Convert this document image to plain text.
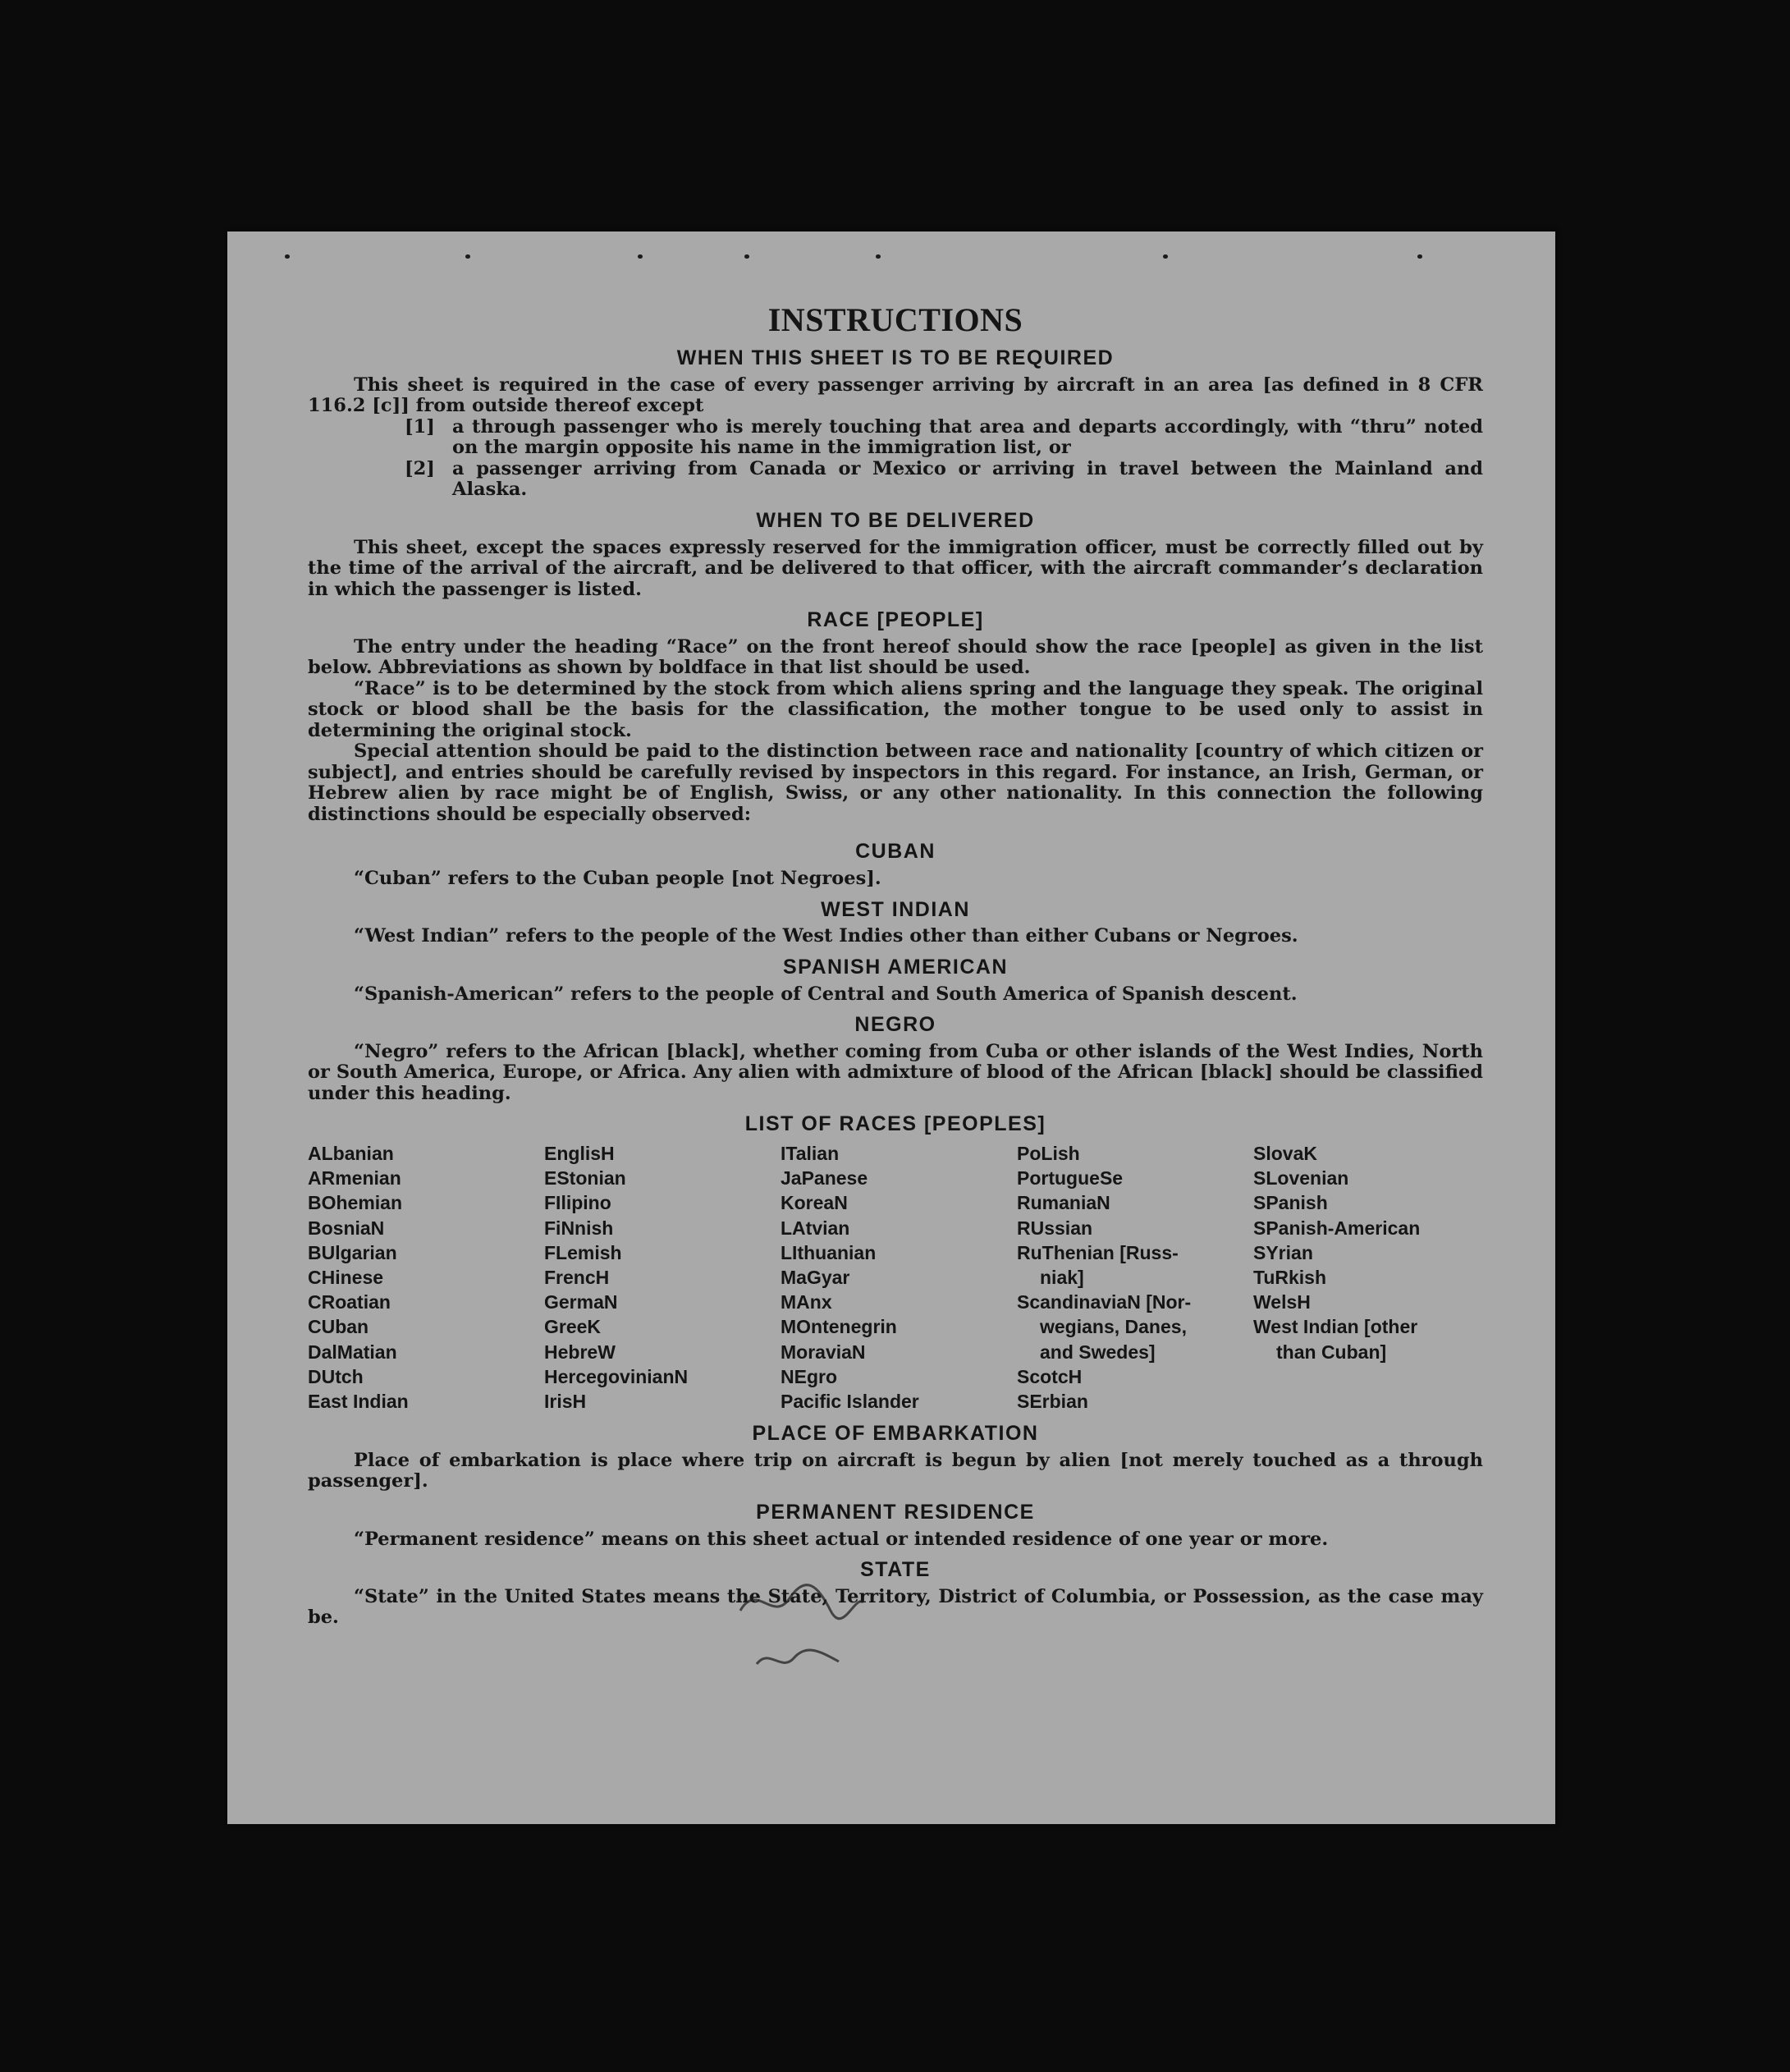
INSTRUCTIONS
WHEN THIS SHEET IS TO BE REQUIRED

This sheet is required in the case of every passenger arriving by aircraft in an area [as defined in 8 CFR 116.2 [c]] from outside thereof except

[1] a through passenger who is merely touching that area and departs accordingly, with “thru” noted on the margin opposite his name in the immigration list, or
[2] a passenger arriving from Canada or Mexico or arriving in travel between the Mainland and Alaska.
WHEN TO BE DELIVERED

This sheet, except the spaces expressly reserved for the immigration officer, must be correctly filled out by the time of the arrival of the aircraft, and be delivered to that officer, with the aircraft commander’s declaration in which the passenger is listed.

RACE [PEOPLE]

The entry under the heading “Race” on the front hereof should show the race [people] as given in the list below. Abbreviations as shown by boldface in that list should be used.

“Race” is to be determined by the stock from which aliens spring and the language they speak. The original stock or blood shall be the basis for the classification, the mother tongue to be used only to assist in determining the original stock.

Special attention should be paid to the distinction between race and nationality [country of which citizen or subject], and entries should be carefully revised by inspectors in this regard. For instance, an Irish, German, or Hebrew alien by race might be of English, Swiss, or any other nationality. In this connection the following distinctions should be especially observed:

CUBAN

“Cuban” refers to the Cuban people [not Negroes].

WEST INDIAN

“West Indian” refers to the people of the West Indies other than either Cubans or Negroes.

SPANISH AMERICAN

“Spanish-American” refers to the people of Central and South America of Spanish descent.

NEGRO

“Negro” refers to the African [black], whether coming from Cuba or other islands of the West Indies, North or South America, Europe, or Africa. Any alien with admixture of blood of the African [black] should be classified under this heading.

LIST OF RACES [PEOPLES]
ALbanian
ARmenian
BOhemian
BosniaN
BUlgarian
CHinese
CRoatian
CUban
DalMatian
DUtch
East Indian
EnglisH
EStonian
FIlipino
FiNnish
FLemish
FrencH
GermaN
GreeK
HebreW
HercegovinianN
IrisH
ITalian
JaPanese
KoreaN
LAtvian
LIthuanian
MaGyar
MAnx
MOntenegrin
MoraviaN
NEgro
Pacific Islander
PoLish
PortugueSe
RumaniaN
RUssian
RuThenian [Russ-
niak]
ScandinaviaN [Nor-
wegians, Danes,
and Swedes]
ScotcH
SErbian
SlovaK
SLovenian
SPanish
SPanish-American
SYrian
TuRkish
WelsH
West Indian [other
than Cuban]
PLACE OF EMBARKATION

Place of embarkation is place where trip on aircraft is begun by alien [not merely touched as a through passenger].

PERMANENT RESIDENCE

“Permanent residence” means on this sheet actual or intended residence of one year or more.

STATE

“State” in the United States means the State, Territory, District of Columbia, or Possession, as the case may be.
